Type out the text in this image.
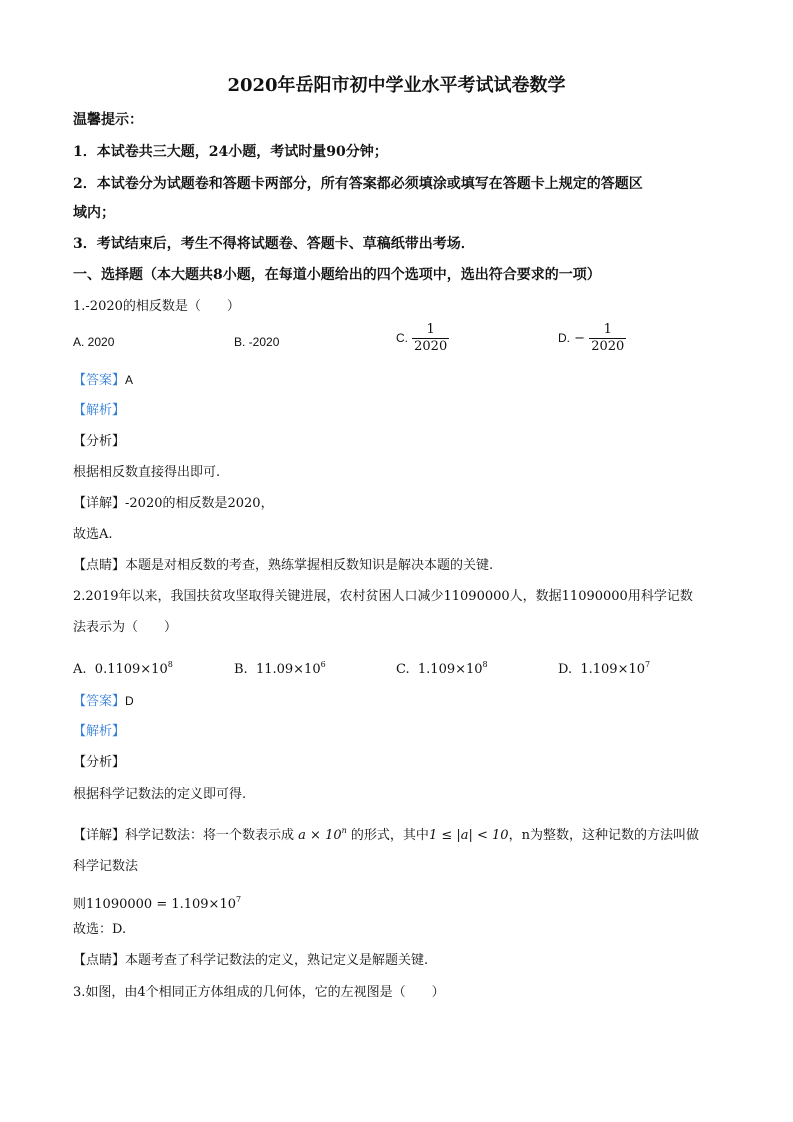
2020年岳阳市初中学业水平考试试卷数学
温馨提示：
1．本试卷共三大题，24小题，考试时量90分钟；
2．本试卷分为试题卷和答题卡两部分，所有答案都必须填涂或填写在答题卡上规定的答题区
域内；
3．考试结束后，考生不得将试题卷、答题卡、草稿纸带出考场．
一、选择题（本大题共8小题，在每道小题给出的四个选项中，选出符合要求的一项）
1.-2020的相反数是（　　）
A. 2020	B. -2020	C. $\frac{1}{2020}$	D. − $\frac{1}{2020}$
【答案】A
【解析】
【分析】
根据相反数直接得出即可.
【详解】-2020的相反数是2020，
故选A.
【点睛】本题是对相反数的考查，熟练掌握相反数知识是解决本题的关键.
2.2019年以来，我国扶贫攻坚取得关键进展，农村贫困人口减少11090000人，数据11090000用科学记数
法表示为（　　）
A. $0.1109\times 10^8$	B. $11.09\times 10^6$	C. $1.109\times 10^8$	D. $1.109\times 10^7$
【答案】D
【解析】
【分析】
根据科学记数法的定义即可得.
【详解】科学记数法：将一个数表示成 $a \times 10^n$ 的形式，其中1 ≤ |a| < 10，n为整数，这种记数的方法叫做
科学记数法
则$11090000 = 1.109\times 10^7$
故选：D.
【点睛】本题考查了科学记数法的定义，熟记定义是解题关键.
3.如图，由4个相同正方体组成的几何体，它的左视图是（　　）
